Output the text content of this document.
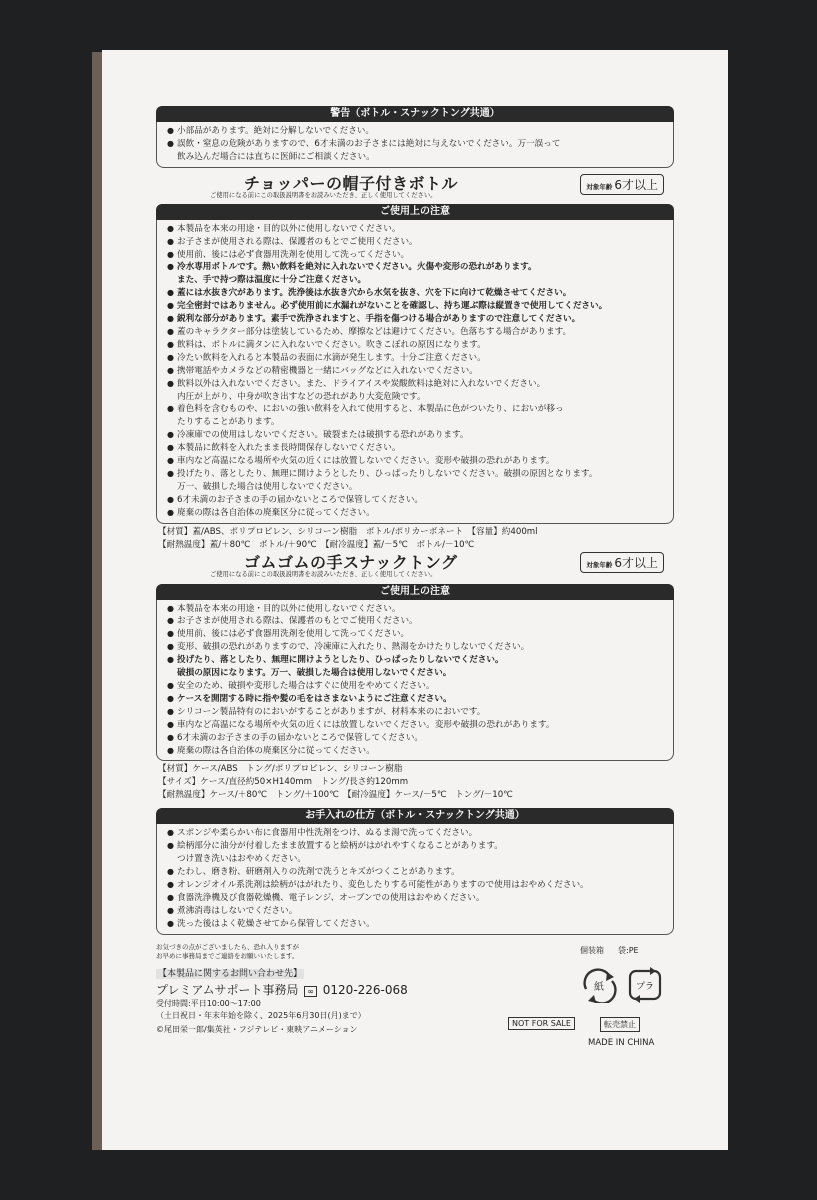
警告（ボトル・スナックトング共通）
● 小部品があります。絶対に分解しないでください。
● 誤飲・窒息の危険がありますので、6才未満のお子さまには絶対に与えないでください。万一誤って
飲み込んだ場合には直ちに医師にご相談ください。
チョッパーの帽子付きボトル
ご使用になる前にこの取扱説明書をお読みいただき、正しく使用してください。
対象年齢 6才以上
ご使用上の注意
● 本製品を本来の用途・目的以外に使用しないでください。
● お子さまが使用される際は、保護者のもとでご使用ください。
● 使用前、後には必ず食器用洗剤を使用して洗ってください。
● 冷水専用ボトルです。熱い飲料を絶対に入れないでください。火傷や変形の恐れがあります。
また、手で持つ際は温度に十分ご注意ください。
● 蓋には水抜き穴があります。洗浄後は水抜き穴から水気を抜き、穴を下に向けて乾燥させてください。
● 完全密封ではありません。必ず使用前に水漏れがないことを確認し、持ち運ぶ際は縦置きで使用してください。
● 鋭利な部分があります。素手で洗浄されますと、手指を傷つける場合がありますので注意してください。
● 蓋のキャラクター部分は塗装しているため、摩擦などは避けてください。色落ちする場合があります。
● 飲料は、ボトルに満タンに入れないでください。吹きこぼれの原因になります。
● 冷たい飲料を入れると本製品の表面に水滴が発生します。十分ご注意ください。
● 携帯電話やカメラなどの精密機器と一緒にバッグなどに入れないでください。
● 飲料以外は入れないでください。また、ドライアイスや炭酸飲料は絶対に入れないでください。
内圧が上がり、中身が吹き出すなどの恐れがあり大変危険です。
● 着色料を含むものや、においの強い飲料を入れて使用すると、本製品に色がついたり、においが移っ
たりすることがあります。
● 冷凍庫での使用はしないでください。破裂または破損する恐れがあります。
● 本製品に飲料を入れたまま長時間保存しないでください。
● 車内など高温になる場所や火気の近くには放置しないでください。変形や破損の恐れがあります。
● 投げたり、落としたり、無理に開けようとしたり、ひっぱったりしないでください。破損の原因となります。
万一、破損した場合は使用しないでください。
● 6才未満のお子さまの手の届かないところで保管してください。
● 廃棄の際は各自治体の廃棄区分に従ってください。
【材質】蓋/ABS、ポリプロピレン、シリコーン樹脂　ボトル/ポリカーボネート　【容量】約400ml
【耐熱温度】蓋/＋80℃　ボトル/＋90℃　【耐冷温度】蓋/－5℃　ボトル/－10℃
ゴムゴムの手スナックトング
ご使用になる前にこの取扱説明書をお読みいただき、正しく使用してください。
対象年齢 6才以上
ご使用上の注意
● 本製品を本来の用途・目的以外に使用しないでください。
● お子さまが使用される際は、保護者のもとでご使用ください。
● 使用前、後には必ず食器用洗剤を使用して洗ってください。
● 変形、破損の恐れがありますので、冷凍庫に入れたり、熱湯をかけたりしないでください。
● 投げたり、落としたり、無理に開けようとしたり、ひっぱったりしないでください。
破損の原因になります。万一、破損した場合は使用しないでください。
● 安全のため、破損や変形した場合はすぐに使用をやめてください。
● ケースを開閉する時に指や髪の毛をはさまないようにご注意ください。
● シリコーン製品特有のにおいがすることがありますが、材料本来のにおいです。
● 車内など高温になる場所や火気の近くには放置しないでください。変形や破損の恐れがあります。
● 6才未満のお子さまの手の届かないところで保管してください。
● 廃棄の際は各自治体の廃棄区分に従ってください。
【材質】ケース/ABS　トング/ポリプロピレン、シリコーン樹脂
【サイズ】ケース/直径約50×H140mm　トング/長さ約120mm
【耐熱温度】ケース/＋80℃　トング/＋100℃　【耐冷温度】ケース/－5℃　トング/－10℃
お手入れの仕方（ボトル・スナックトング共通）
● スポンジや柔らかい布に食器用中性洗剤をつけ、ぬるま湯で洗ってください。
● 絵柄部分に油分が付着したまま放置すると絵柄がはがれやすくなることがあります。
つけ置き洗いはおやめください。
● たわし、磨き粉、研磨剤入りの洗剤で洗うとキズがつくことがあります。
● オレンジオイル系洗剤は絵柄がはがれたり、変色したりする可能性がありますので使用はおやめください。
● 食器洗浄機及び食器乾燥機、電子レンジ、オーブンでの使用はおやめください。
● 煮沸消毒はしないでください。
● 洗った後はよく乾燥させてから保管してください。
お気づきの点がございましたら、恐れ入りますが
お早めに事務局までご連絡をお願いいたします。
【本製品に関するお問い合わせ先】
プレミアムサポート事務局 ∞ 0120-226-068
受付時間:平日10:00〜17:00
（土日祝日・年末年始を除く、2025年6月30日(月)まで）
©尾田栄一郎/集英社・フジテレビ・東映アニメーション
個装箱 袋:PE
紙	プラ
NOT FOR SALE	転売禁止
MADE IN CHINA
